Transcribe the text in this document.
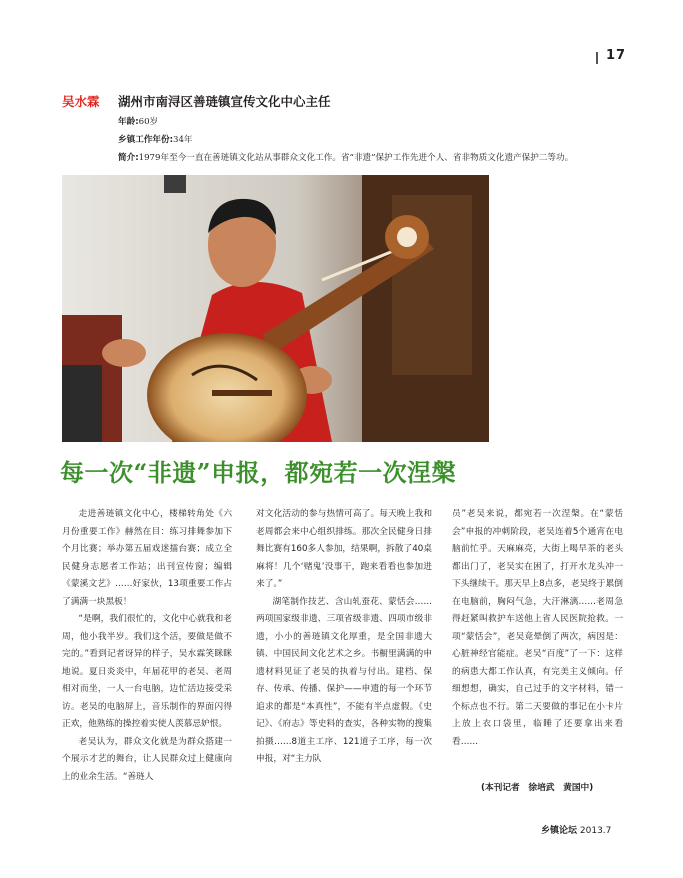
17
吴水霖 湖州市南浔区善琏镇宣传文化中心主任
年龄:60岁
乡镇工作年份:34年
简介:1979年至今一直在善琏镇文化站从事群众文化工作。省“非遗”保护工作先进个人、省非物质文化遗产保护二等功。
每一次“非遗”申报，都宛若一次涅槃

走进善琏镇文化中心，楼梯转角处《六月份重要工作》赫然在目：练习排舞参加下个月比赛；举办第五届戏迷擂台赛；成立全民健身志愿者工作站；出刊宣传窗；编辑《蒙溪文艺》……好家伙，13项重要工作占了满满一块黑板！

“是啊，我们很忙的，文化中心就我和老周，他小我半岁。我们这个活，要做是做不完的。”看到记者讶异的样子，吴水霖笑眯眯地说。夏日炎炎中，年届花甲的老吴、老周相对而坐，一人一台电脑，边忙活边接受采访。老吴的电脑屏上，音乐制作的界面闪得正欢，他熟练的操控着实使人羡慕忌妒恨。

老吴认为，群众文化就是为群众搭建一个展示才艺的舞台，让人民群众过上健康向上的业余生活。“善琏人

对文化活动的参与热情可高了。每天晚上我和老周都会来中心组织排练。那次全民健身日排舞比赛有160多人参加，结果啊，拆散了40桌麻将！几个‘赌鬼’没事干，跑来看看也参加进来了。”

湖笔制作技艺、含山轧蚕花、蒙恬会……两项国家级非遗、三项省级非遗、四项市级非遗，小小的善琏镇文化厚重，是全国非遗大镇、中国民间文化艺术之乡。书橱里满满的申遗材料见证了老吴的执着与付出。建档、保存、传承、传播、保护——申遗的每一个环节追求的都是“本真性”，不能有半点虚假。《史记》、《府志》等史料的查实，各种实物的搜集拍摄……8道主工序、121道子工序，每一次申报，对“主力队

员”老吴来说，都宛若一次涅槃。在“蒙恬会”申报的冲刺阶段，老吴连着5个通宵在电脑前忙乎。天麻麻亮，大街上喝早茶的老头都出门了，老吴实在困了，打开水龙头冲一下头继续干。那天早上8点多，老吴终于累倒在电脑前，胸闷气急，大汗淋漓……老周急得赶紧叫救护车送他上省人民医院抢救。一项“蒙恬会”，老吴竟晕倒了两次，病因是：心脏神经官能症。老吴“百度”了一下：这样的病患大都工作认真，有完美主义倾向。仔细想想，确实，自己过手的文字材料，错一个标点也不行。第二天要做的事记在小卡片上放上衣口袋里，临睡了还要拿出来看看……

(本刊记者　徐培武　黄国中)
乡镇论坛 2013.7
